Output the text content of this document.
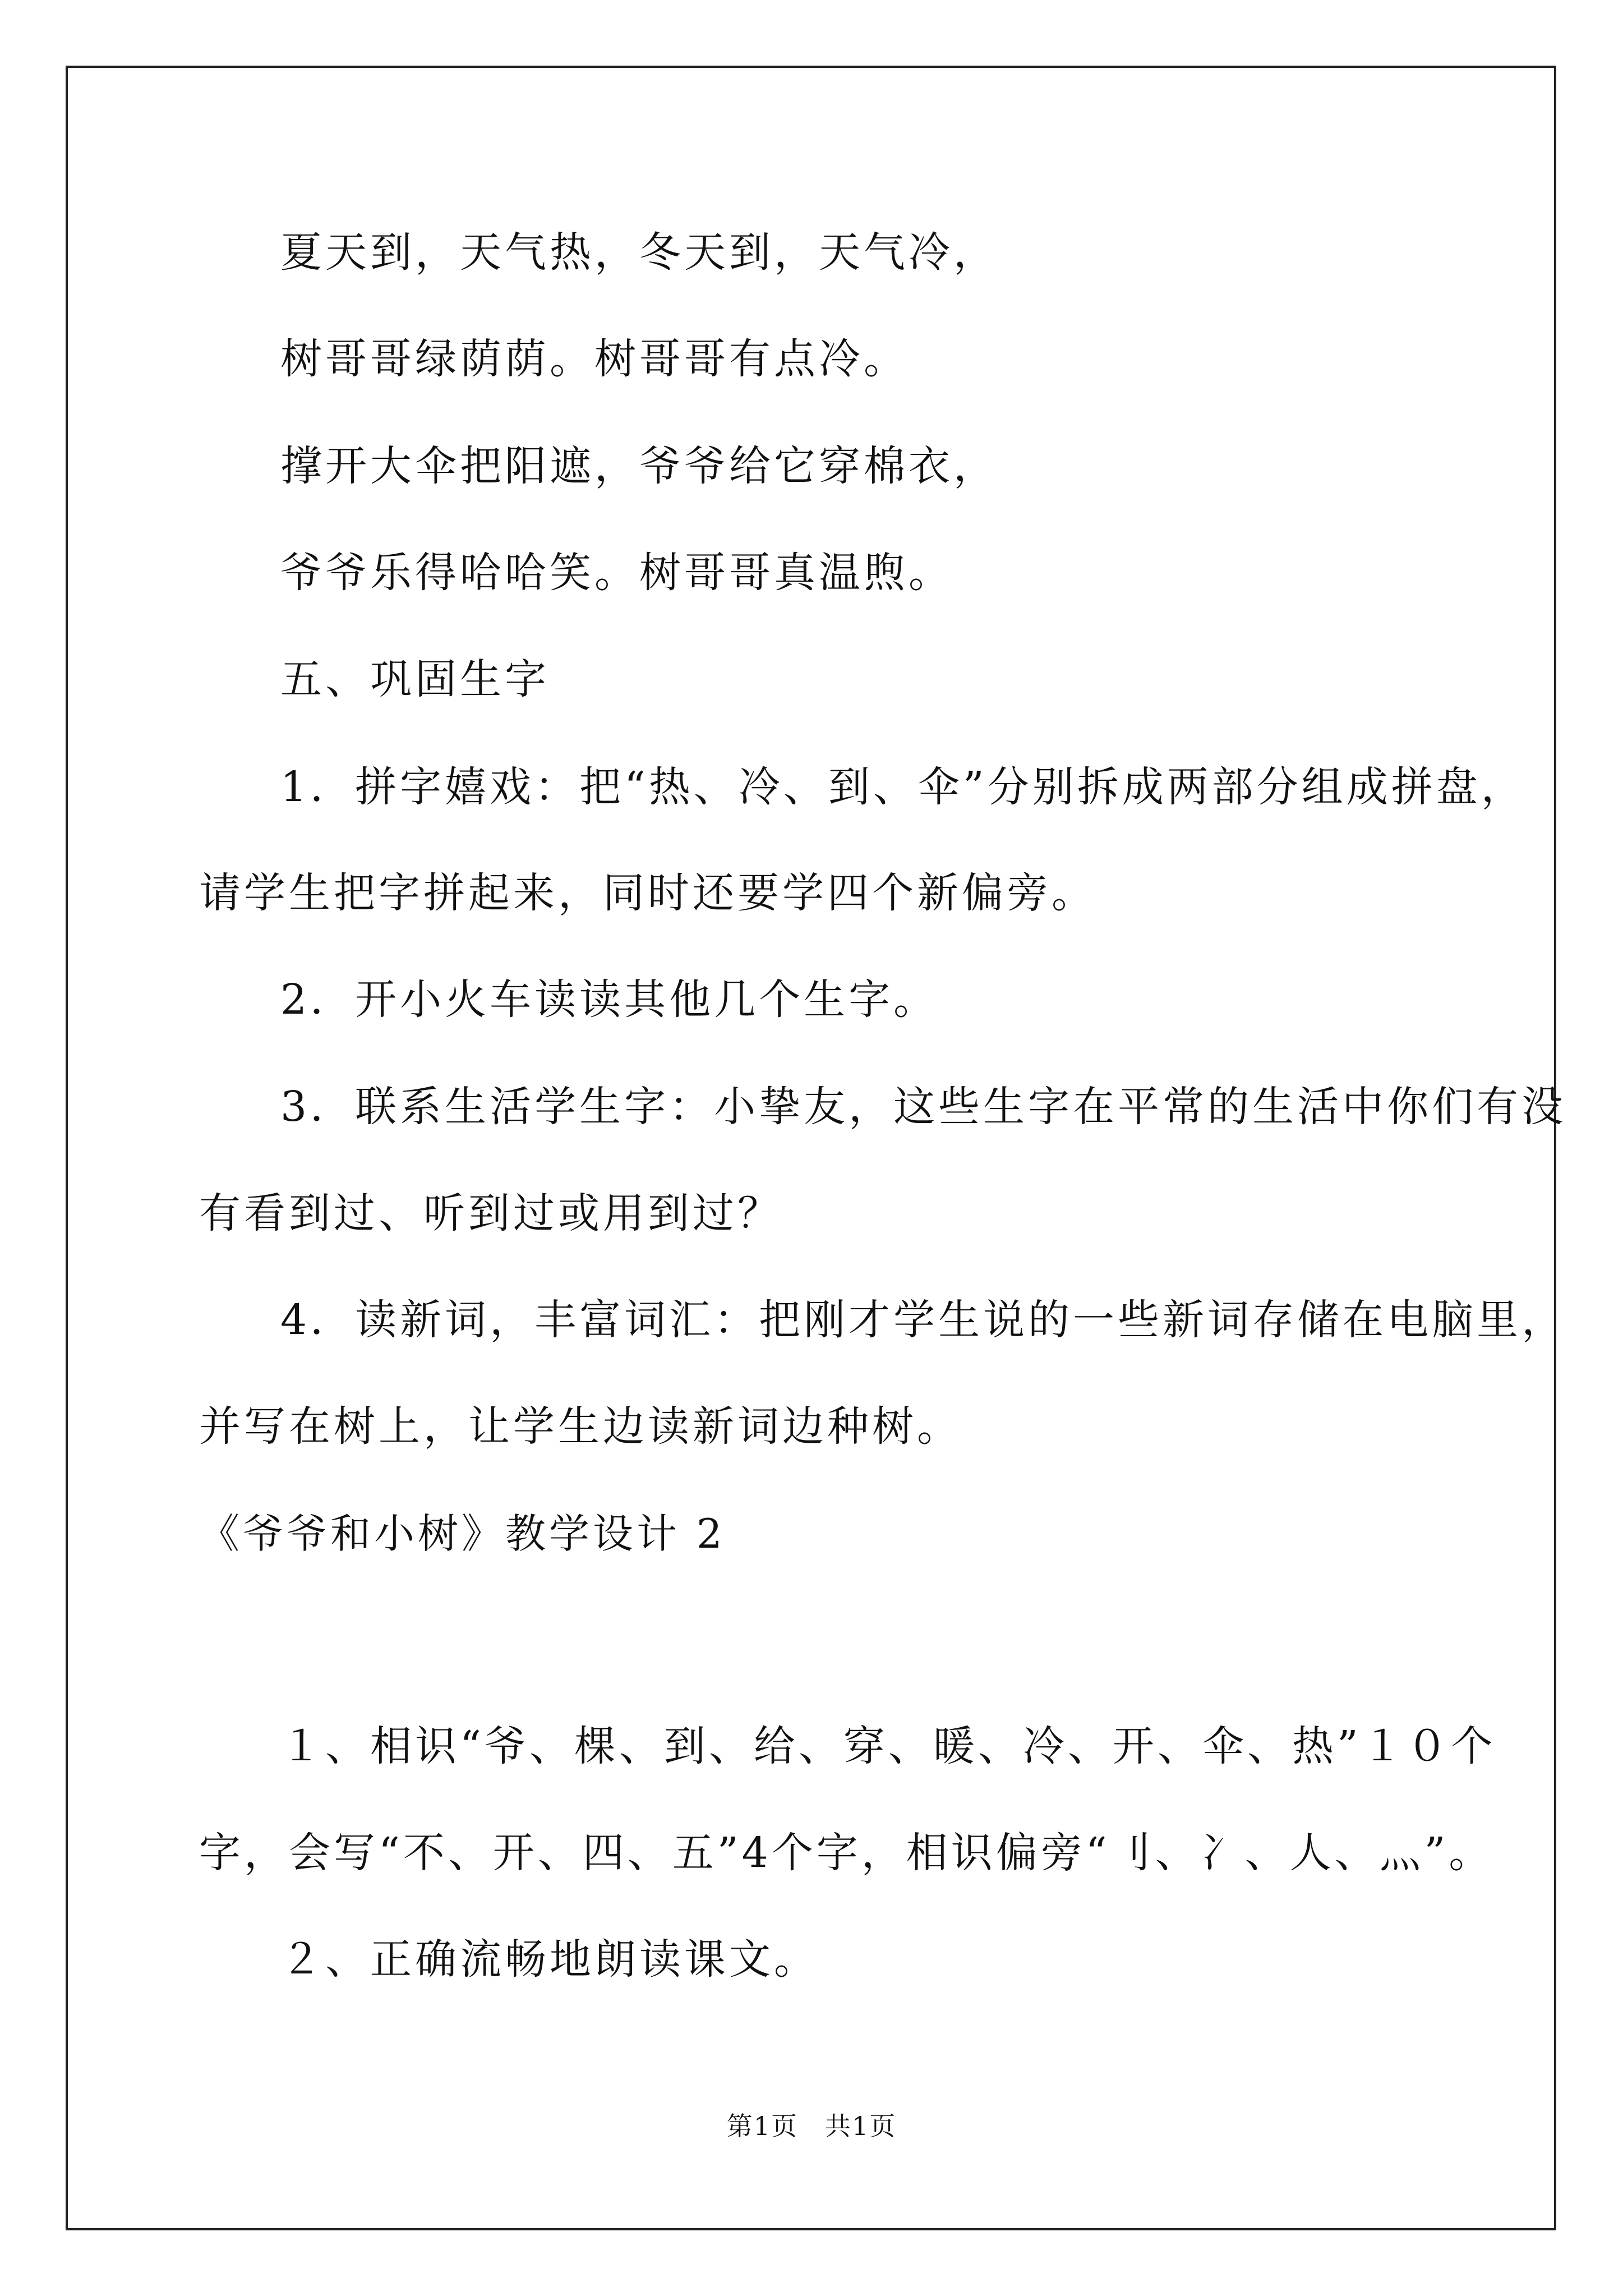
夏天到，天气热，冬天到，天气冷，
树哥哥绿荫荫。树哥哥有点冷。
撑开大伞把阳遮，爷爷给它穿棉衣，
爷爷乐得哈哈笑。树哥哥真温煦。
五、巩固生字
1．拼字嬉戏：把“热、冷、到、伞”分别拆成两部分组成拼盘，
请学生把字拼起来，同时还要学四个新偏旁。
2．开小火车读读其他几个生字。
3．联系生活学生字：小挚友，这些生字在平常的生活中你们有没
有看到过、听到过或用到过？
4．读新词，丰富词汇：把刚才学生说的一些新词存储在电脑里，
并写在树上，让学生边读新词边种树。
《爷爷和小树》教学设计 2
１、相识“爷、棵、到、给、穿、暖、冷、开、伞、热”１０个
字，会写“不、开、四、五”4个字，相识偏旁“刂、冫、人、灬”。
２、正确流畅地朗读课文。
第1页　共1页
